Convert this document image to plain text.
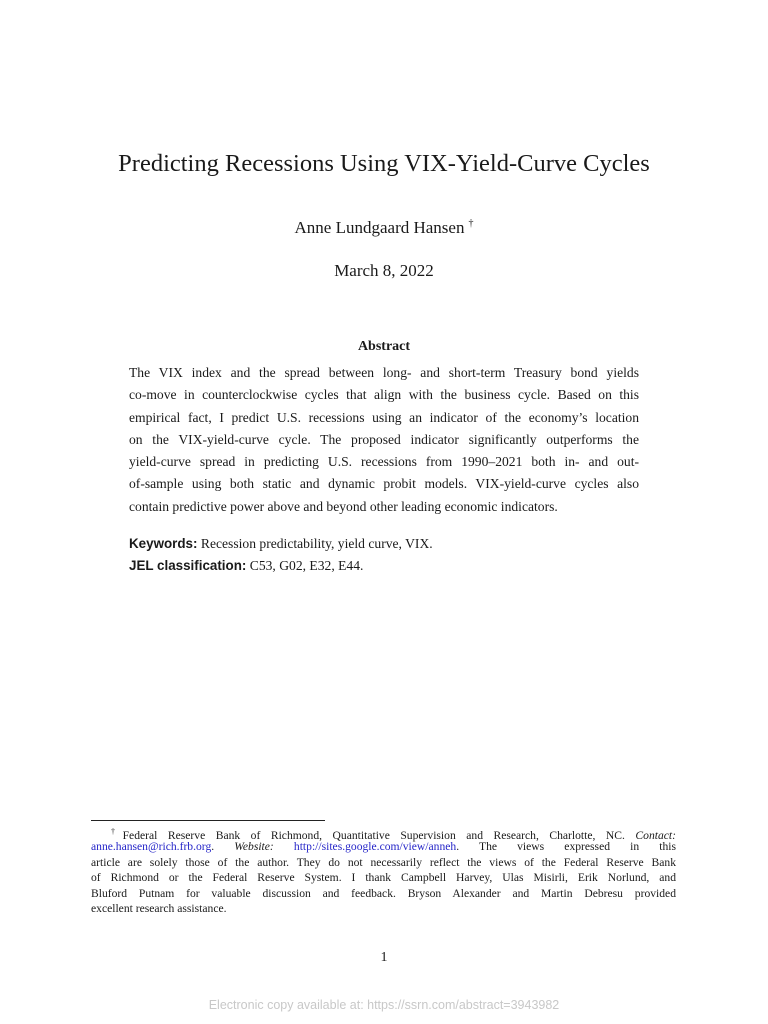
Predicting Recessions Using VIX-Yield-Curve Cycles
Anne Lundgaard Hansen †
March 8, 2022
Abstract
The VIX index and the spread between long- and short-term Treasury bond yields
co-move in counterclockwise cycles that align with the business cycle. Based on this
empirical fact, I predict U.S. recessions using an indicator of the economy’s location
on the VIX-yield-curve cycle. The proposed indicator significantly outperforms the
yield-curve spread in predicting U.S. recessions from 1990–2021 both in- and out-
of-sample using both static and dynamic probit models. VIX-yield-curve cycles also
contain predictive power above and beyond other leading economic indicators.
Keywords: Recession predictability, yield curve, VIX.
JEL classification: C53, G02, E32, E44.
†Federal Reserve Bank of Richmond, Quantitative Supervision and Research, Charlotte, NC. Contact:
anne.hansen@rich.frb.org. Website: http://sites.google.com/view/anneh. The views expressed in this
article are solely those of the author. They do not necessarily reflect the views of the Federal Reserve Bank
of Richmond or the Federal Reserve System. I thank Campbell Harvey, Ulas Misirli, Erik Norlund, and
Bluford Putnam for valuable discussion and feedback. Bryson Alexander and Martin Debresu provided
excellent research assistance.
1
Electronic copy available at: https://ssrn.com/abstract=3943982
